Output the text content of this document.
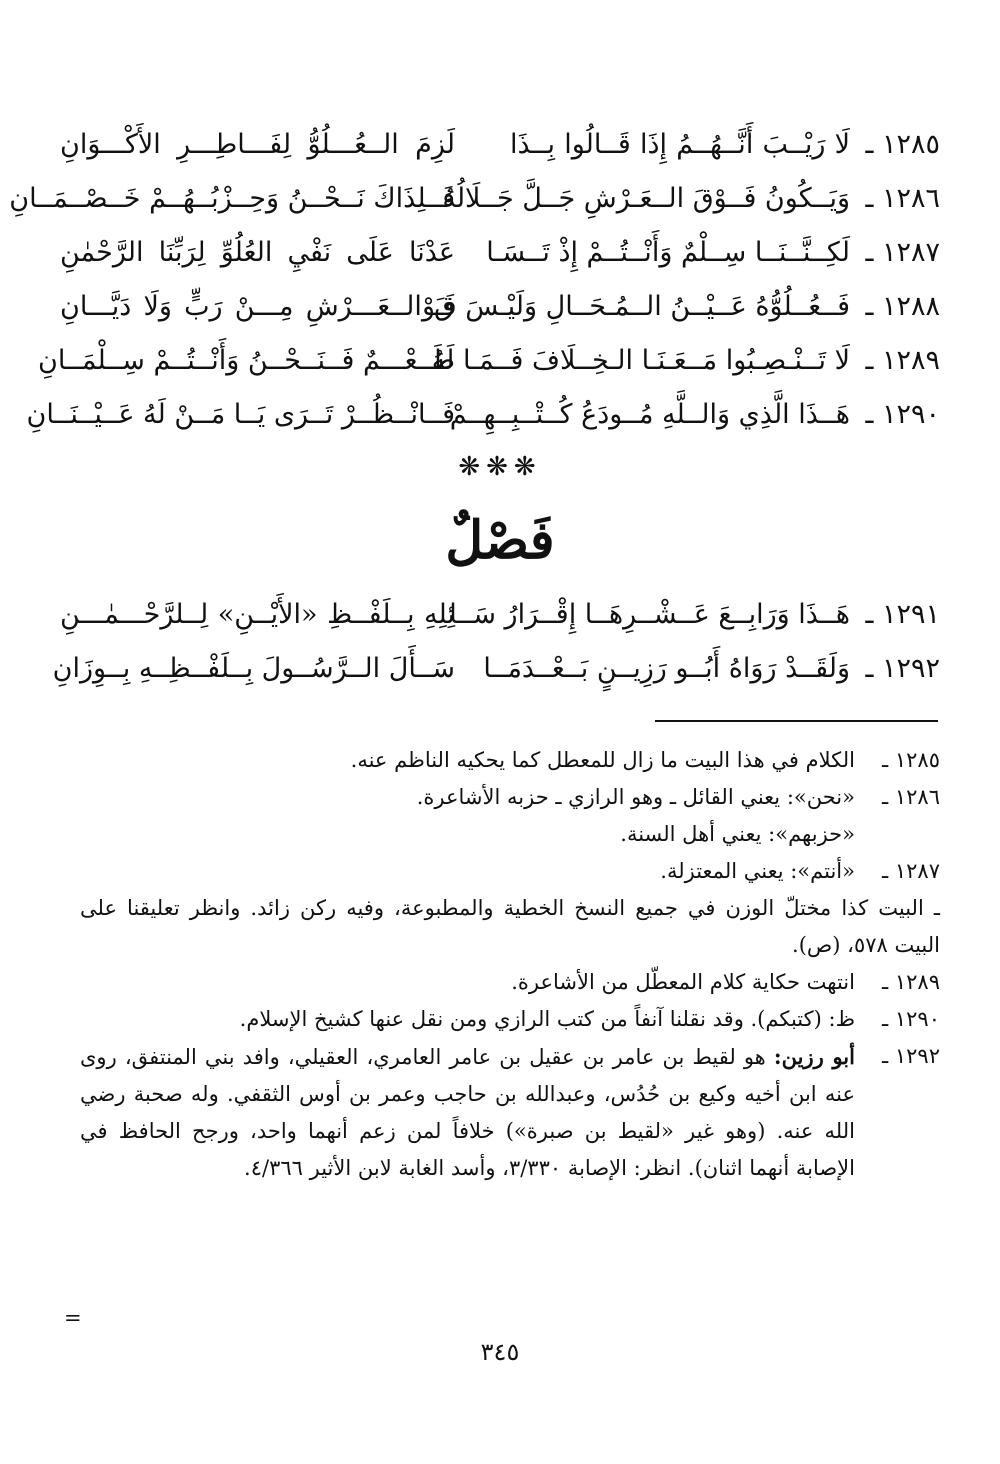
١٢٨٥ ـ
لَا رَيْــبَ أَنَّــهُــمُ إِذَا قَــالُوا بِــذَا
لَزِمَ الــعُـــلُوُّ لِفَـــاطِـــرِ الأَكْـــوَانِ
١٢٨٦ ـ
وَيَــكُونُ فَــوْقَ الــعَـرْشِ جَــلَّ جَــلَالُهُ
فَــلِذَاكَ نَــحْــنُ وَحِــزْبُــهُــمْ خَــصْــمَــانِ
١٢٨٧ ـ
لَكِــنَّــنَــا سِــلْمٌ وَأَنْــتُــمْ إِذْ تَــسَـا
عَدْنَا عَلَى نَفْيِ العُلُوِّ لِرَبِّنَا الرَّحْمٰنِ
١٢٨٨ ـ
فَــعُــلُوُّهُ عَــيْــنُ الــمُـحَــالِ وَلَيْـسَ فَـوْ
قَ الــعَـــرْشِ مِـــنْ رَبٍّ وَلَا دَيَّـــانِ
١٢٨٩ ـ
لَا تَــنْـصِـبُوا مَــعَـنَـا الـخِــلَافَ فَــمَـا لَهُ
طَــعْـــمٌ فَــنَــحْــنُ وَأَنْــتُــمْ سِــلْمَــانِ
١٢٩٠ ـ
هَــذَا الَّذِي وَالــلَّهِ مُــودَعُ كُــتْــبِــهِــمْ
فَــانْــظُــرْ تَــرَى يَــا مَــنْ لَهُ عَــيْــنَــانِ
❋❋❋
فَصْلٌ
١٢٩١ ـ
هَــذَا وَرَابِــعَ عَــشْــرِهَــا إِقْــرَارُ سَــا
ئِلِهِ بِــلَفْــظِ «الأَيْــنِ» لِــلرَّحْـــمٰـــنِ
١٢٩٢ ـ
وَلَقَــدْ رَوَاهُ أَبُــو رَزِيــنٍ بَــعْــدَمَــا
سَــأَلَ الــرَّسُــولَ بِــلَفْــظِــهِ بِــوِزَانِ
١٢٨٥ ـ
الكلام في هذا البيت ما زال للمعطل كما يحكيه الناظم عنه.
١٢٨٦ ـ
«نحن»: يعني القائل ـ وهو الرازي ـ حزبه الأشاعرة.
«حزبهم»: يعني أهل السنة.
١٢٨٧ ـ
«أنتم»: يعني المعتزلة.
ـ البيت كذا مختلّ الوزن في جميع النسخ الخطية والمطبوعة، وفيه ركن زائد. وانظر تعليقنا على البيت ٥٧٨، (ص).
١٢٨٩ ـ
انتهت حكاية كلام المعطّل من الأشاعرة.
١٢٩٠ ـ
ظ: (كتبكم). وقد نقلنا آنفاً من كتب الرازي ومن نقل عنها كشيخ الإسلام.
١٢٩٢ ـ
أبو رزين: هو لقيط بن عامر بن عقيل بن عامر العامري، العقيلي، وافد بني المنتفق، روى عنه ابن أخيه وكيع بن حُدُس، وعبدالله بن حاجب وعمر بن أوس الثقفي. وله صحبة رضي الله عنه. (وهو غير «لقيط بن صبرة») خلافاً لمن زعم أنهما واحد، ورجح الحافظ في الإصابة أنهما اثنان). انظر: الإصابة ٣/٣٣٠، وأسد الغابة لابن الأثير ٤/٣٦٦.
=
٣٤٥
